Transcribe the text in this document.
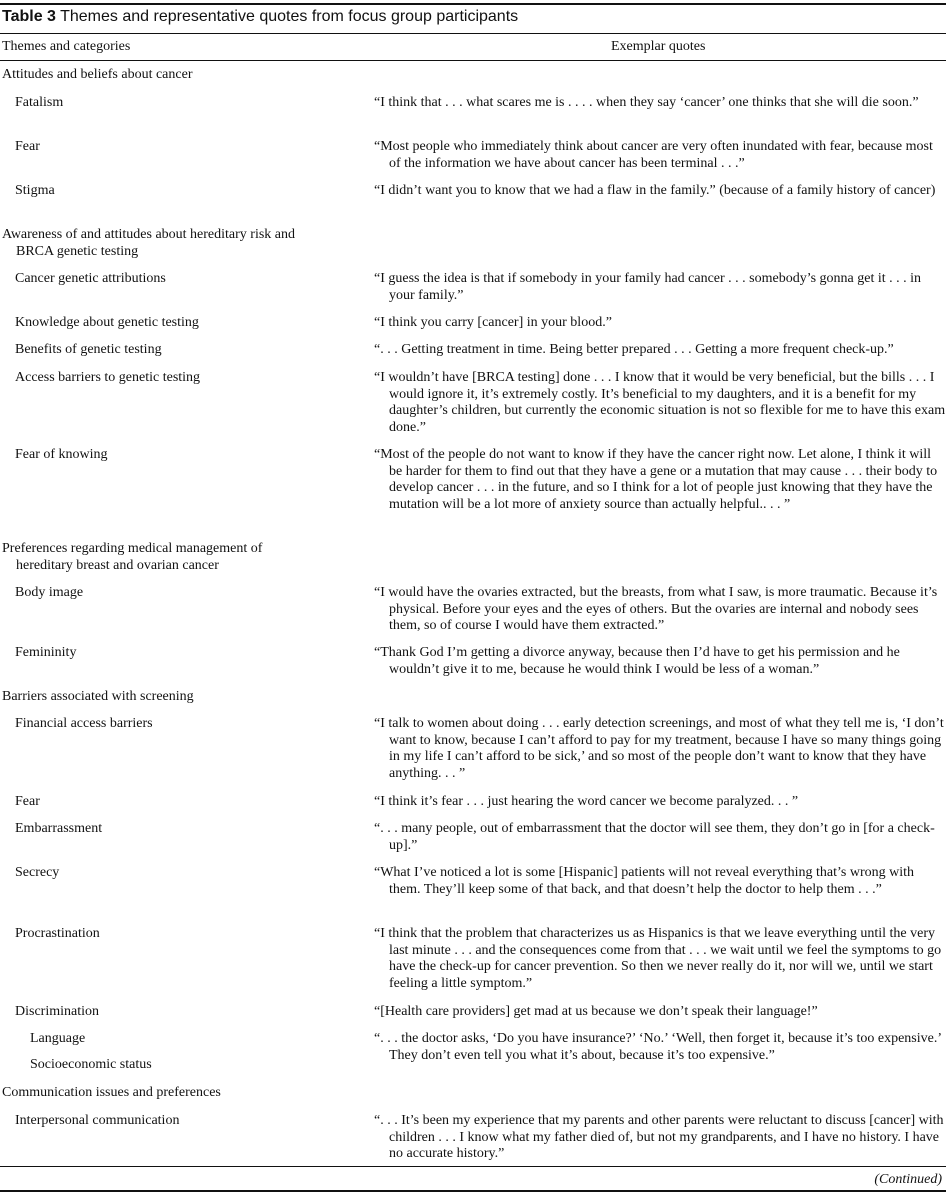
Table 3 Themes and representative quotes from focus group participants
Themes and categories	Exemplar quotes
Attitudes and beliefs about cancer
Fatalism	“I think that . . . what scares me is . . . . when they say ‘cancer’ one thinks that she will die soon.”
Fear	“Most people who immediately think about cancer are very often inundated with fear, because most of the information we have about cancer has been terminal . . .”
Stigma	“I didn’t want you to know that we had a flaw in the family.” (because of a family history of cancer)
Awareness of and attitudes about hereditary risk and BRCA genetic testing
Cancer genetic attributions	“I guess the idea is that if somebody in your family had cancer . . . somebody’s gonna get it . . . in your family.”
Knowledge about genetic testing	“I think you carry [cancer] in your blood.”
Benefits of genetic testing	“. . . Getting treatment in time. Being better prepared . . . Getting a more frequent check-up.”
Access barriers to genetic testing	“I wouldn’t have [BRCA testing] done . . . I know that it would be very beneficial, but the bills . . . I would ignore it, it’s extremely costly. It’s beneficial to my daughters, and it is a benefit for my daughter’s children, but currently the economic situation is not so flexible for me to have this exam done.”
Fear of knowing	“Most of the people do not want to know if they have the cancer right now. Let alone, I think it will be harder for them to find out that they have a gene or a mutation that may cause . . . their body to develop cancer . . . in the future, and so I think for a lot of people just knowing that they have the mutation will be a lot more of anxiety source than actually helpful.. . . ”
Preferences regarding medical management of hereditary breast and ovarian cancer
Body image	“I would have the ovaries extracted, but the breasts, from what I saw, is more traumatic. Because it’s physical. Before your eyes and the eyes of others. But the ovaries are internal and nobody sees them, so of course I would have them extracted.”
Femininity	“Thank God I’m getting a divorce anyway, because then I’d have to get his permission and he wouldn’t give it to me, because he would think I would be less of a woman.”
Barriers associated with screening
Financial access barriers	“I talk to women about doing . . . early detection screenings, and most of what they tell me is, ‘I don’t want to know, because I can’t afford to pay for my treatment, because I have so many things going in my life I can’t afford to be sick,’ and so most of the people don’t want to know that they have anything. . . ”
Fear	“I think it’s fear . . . just hearing the word cancer we become paralyzed. . . ”
Embarrassment	“. . . many people, out of embarrassment that the doctor will see them, they don’t go in [for a check-up].”
Secrecy	“What I’ve noticed a lot is some [Hispanic] patients will not reveal everything that’s wrong with them. They’ll keep some of that back, and that doesn’t help the doctor to help them . . .”
Procrastination	“I think that the problem that characterizes us as Hispanics is that we leave everything until the very last minute . . . and the consequences come from that . . . we wait until we feel the symptoms to go have the check-up for cancer prevention. So then we never really do it, nor will we, until we start feeling a little symptom.”
Discrimination	“[Health care providers] get mad at us because we don’t speak their language!”
Language	“. . . the doctor asks, ‘Do you have insurance?’ ‘No.’ ‘Well, then forget it, because it’s too expensive.’ They don’t even tell you what it’s about, because it’s too expensive.”
Socioeconomic status
Communication issues and preferences
Interpersonal communication	“. . . It’s been my experience that my parents and other parents were reluctant to discuss [cancer] with children . . . I know what my father died of, but not my grandparents, and I have no history. I have no accurate history.”
(Continued)
